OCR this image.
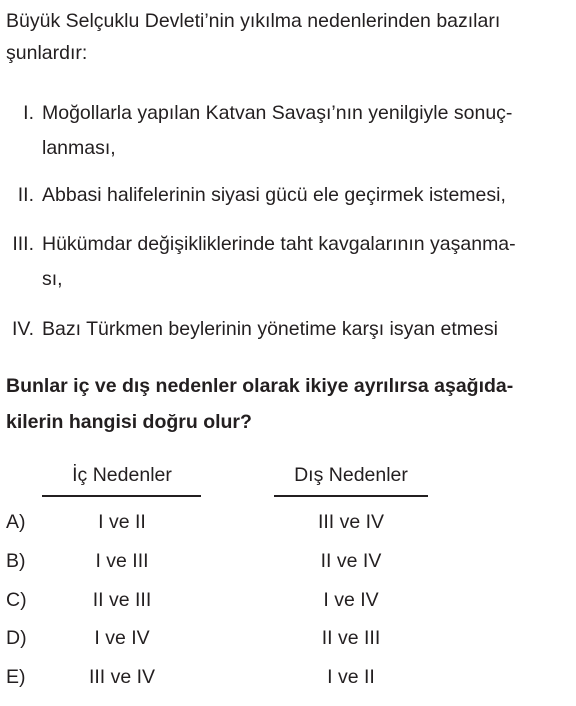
Büyük Selçuklu Devleti’nin yıkılma nedenlerinden bazıları
şunlardır:
I. Moğollarla yapılan Katvan Savaşı’nın yenilgiyle sonuç-
lanması,
II. Abbasi halifelerinin siyasi gücü ele geçirmek istemesi,
III. Hükümdar değişikliklerinde taht kavgalarının yaşanma-
sı,
IV. Bazı Türkmen beylerinin yönetime karşı isyan etmesi
Bunlar iç ve dış nedenler olarak ikiye ayrılırsa aşağıda-
kilerin hangisi doğru olur?
İç Nedenler	Dış Nedenler
A)	I ve II	III ve IV
B)	I ve III	II ve IV
C)	II ve III	I ve IV
D)	I ve IV	II ve III
E)	III ve IV	I ve II
